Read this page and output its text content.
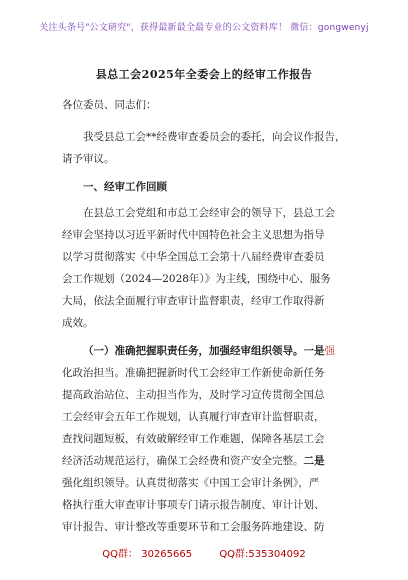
关注头条号"公文研究"，获得最新最全最专业的公文资料库！ 微信：gongwenyj
县总工会2025年全委会上的经审工作报告
各位委员、同志们：
我受县总工会**经费审查委员会的委托，向会议作报告，
请予审议。
一、经审工作回顾
在县总工会党组和市总工会经审会的领导下，县总工会
经审会坚持以习近平新时代中国特色社会主义思想为指导
以学习贯彻落实《中华全国总工会第十八届经费审查委员
会工作规划（2024—2028年）》为主线，围绕中心、服务
大局，依法全面履行审查审计监督职责，经审工作取得新
成效。
（一）准确把握职责任务，加强经审组织领导。一是强
化政治担当。准确把握新时代工会经审工作新使命新任务
提高政治站位、主动担当作为，及时学习宣传贯彻全国总
工会经审会五年工作规划，认真履行审查审计监督职责，
查找问题短板，有效破解经审工作难题，保障各基层工会
经济活动规范运行，确保工会经费和资产安全完整。二是
强化组织领导。认真贯彻落实《中国工会审计条例》，严
格执行重大审查审计事项专门请示报告制度、审计计划、
审计报告、审计整改等重要环节和工会服务阵地建设、防
QQ群： 30265665	QQ群:535304092
